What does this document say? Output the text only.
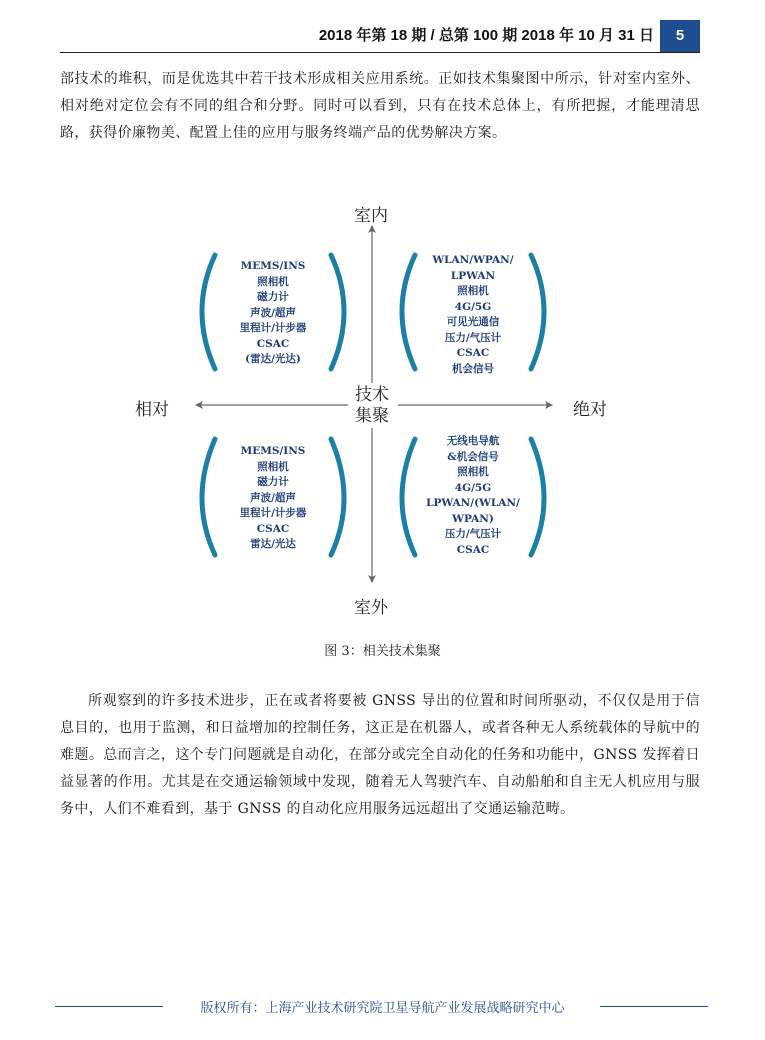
2018 年第 18 期 / 总第 100 期 2018 年 10 月 31 日	5
部技术的堆积，而是优选其中若干技术形成相关应用系统。正如技术集聚图中所示，针对室内室外、相对绝对定位会有不同的组合和分野。同时可以看到，只有在技术总体上，有所把握，才能理清思路，获得价廉物美、配置上佳的应用与服务终端产品的优势解决方案。
室内
室外
相对	绝对
技术
集聚
MEMS/INS
照相机
磁力计
声波/超声
里程计/计步器
CSAC
(雷达/光达)
WLAN/WPAN/
LPWAN
照相机
4G/5G
可见光通信
压力/气压计
CSAC
机会信号
MEMS/INS
照相机
磁力计
声波/超声
里程计/计步器
CSAC
雷达/光达
无线电导航
&机会信号
照相机
4G/5G
LPWAN/(WLAN/
WPAN)
压力/气压计
CSAC
图 3：相关技术集聚
所观察到的许多技术进步，正在或者将要被 GNSS 导出的位置和时间所驱动，不仅仅是用于信息目的，也用于监测，和日益增加的控制任务，这正是在机器人，或者各种无人系统载体的导航中的难题。总而言之，这个专门问题就是自动化，在部分或完全自动化的任务和功能中，GNSS 发挥着日益显著的作用。尤其是在交通运输领域中发现，随着无人驾驶汽车、自动船舶和自主无人机应用与服务中，人们不难看到，基于 GNSS 的自动化应用服务远远超出了交通运输范畴。
版权所有：上海产业技术研究院卫星导航产业发展战略研究中心
